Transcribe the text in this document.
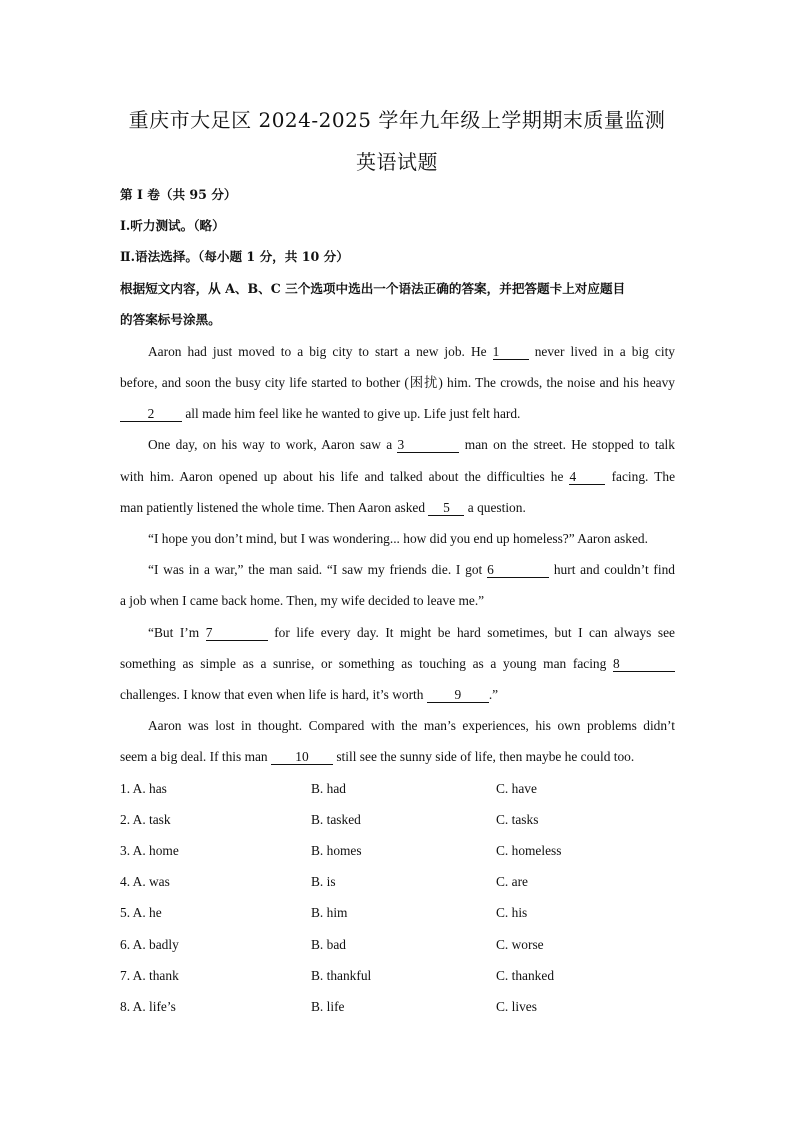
重庆市大足区 2024-2025 学年九年级上学期期末质量监测
英语试题
第 I 卷（共 95 分）
Ⅰ.听力测试。（略）
Ⅱ.语法选择。（每小题 1 分，共 10 分）
根据短文内容，从 A、B、C 三个选项中选出一个语法正确的答案，并把答题卡上对应题目
的答案标号涂黑。
Aaron had just moved to a big city to start a new job. He 1	never lived in a big city
before, and soon the busy city life started to bother (困扰) him. The crowds, the noise and his heavy
2 all made him feel like he wanted to give up. Life just felt hard.
One day, on his way to work, Aaron saw a 3	man on the street. He stopped to talk
with him. Aaron opened up about his life and talked about the difficulties he 4	facing. The
man patiently listened the whole time. Then Aaron asked 5 a question.
“I hope you don’t mind, but I was wondering... how did you end up homeless?” Aaron asked.
“I was in a war,” the man said. “I saw my friends die. I got 6	hurt and couldn’t find
a job when I came back home. Then, my wife decided to leave me.”
“But I’m 7	for life every day. It might be hard sometimes, but I can always see
something as simple as a sunrise, or something as touching as a young man facing 8
challenges. I know that even when life is hard, it’s worth 9 .”
Aaron was lost in thought. Compared with the man’s experiences, his own problems didn’t
seem a big deal. If this man 10 still see the sunny side of life, then maybe he could too.
1. A. has	B. had	C. have
2. A. task	B. tasked	C. tasks
3. A. home	B. homes	C. homeless
4. A. was	B. is	C. are
5. A. he	B. him	C. his
6. A. badly	B. bad	C. worse
7. A. thank	B. thankful	C. thanked
8. A. life’s	B. life	C. lives
